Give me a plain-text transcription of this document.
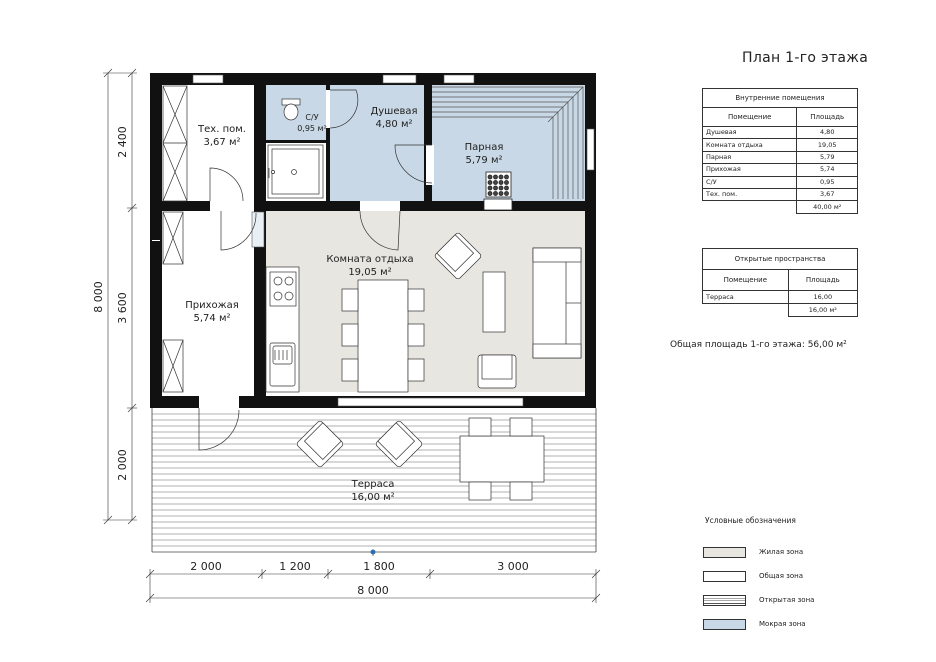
Тех. пом.
3,67 м²
С/У
0,95 м²
Душевая
4,80 м²
Парная
5,79 м²
Прихожая
5,74 м²
Комната отдыха
19,05 м²
Терраса
16,00 м²
2 400
3 600
2 000
8 000
2 000	1 200	1 800	3 000
8 000
План 1-го этажа
Внутренние помещения	
Помещение	Площадь
Душевая	4,80
Комната отдыха	19,05
Парная	5,79
Прихожая	5,74
С/У	0,95
Тех. пом.	3,67
	40,00 м²
Открытые пространства	
Помещение	Площадь
Терраса	16,00
	16,00 м²
Общая площадь 1-го этажа: 56,00 м²
Условные обозначения
Жилая зона
Общая зона
Открытая зона
Мокрая зона
